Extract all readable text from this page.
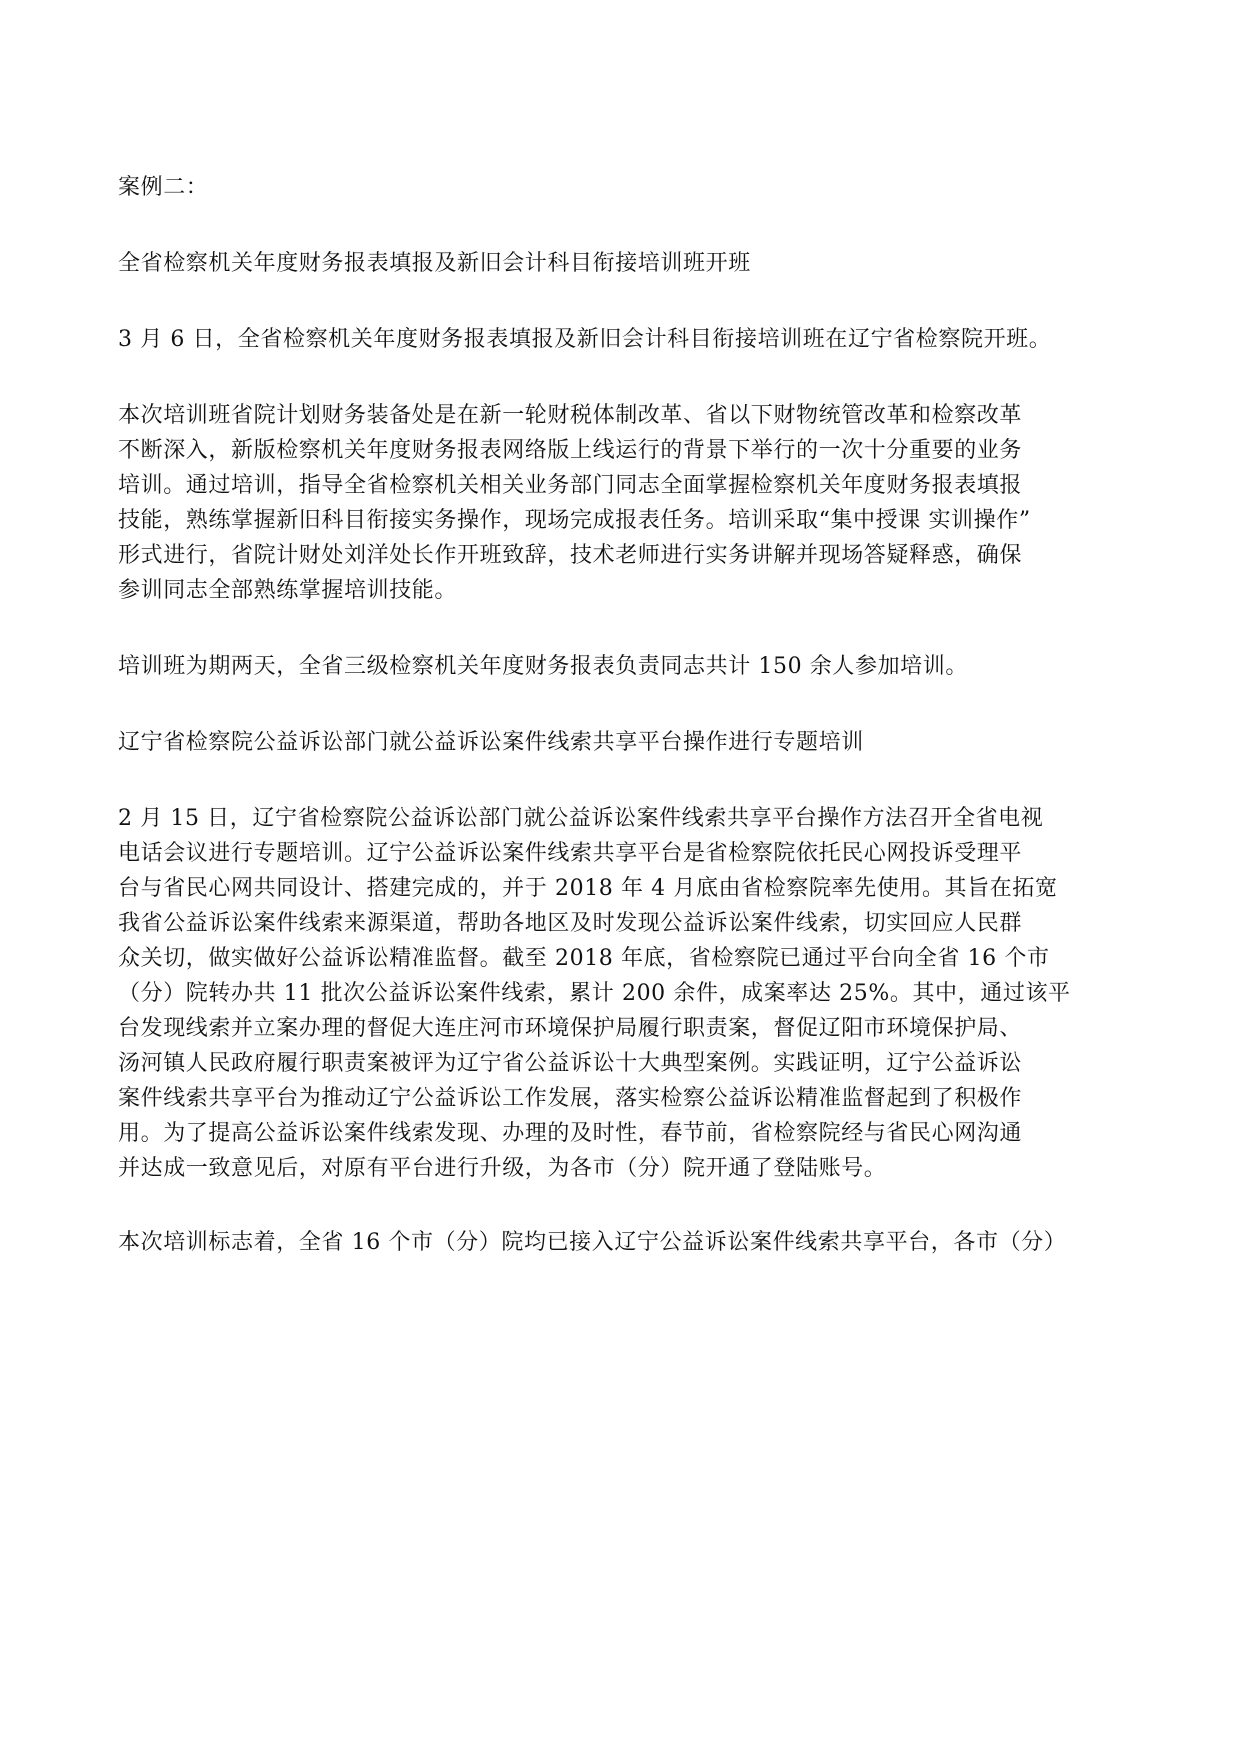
案例二：
全省检察机关年度财务报表填报及新旧会计科目衔接培训班开班
3 月 6 日，全省检察机关年度财务报表填报及新旧会计科目衔接培训班在辽宁省检察院开班。
本次培训班省院计划财务装备处是在新一轮财税体制改革、省以下财物统管改革和检察改革
不断深入，新版检察机关年度财务报表网络版上线运行的背景下举行的一次十分重要的业务
培训。通过培训，指导全省检察机关相关业务部门同志全面掌握检察机关年度财务报表填报
技能，熟练掌握新旧科目衔接实务操作，现场完成报表任务。培训采取“集中授课 实训操作”
形式进行，省院计财处刘洋处长作开班致辞，技术老师进行实务讲解并现场答疑释惑，确保
参训同志全部熟练掌握培训技能。
培训班为期两天，全省三级检察机关年度财务报表负责同志共计 150 余人参加培训。
辽宁省检察院公益诉讼部门就公益诉讼案件线索共享平台操作进行专题培训
2 月 15 日，辽宁省检察院公益诉讼部门就公益诉讼案件线索共享平台操作方法召开全省电视
电话会议进行专题培训。辽宁公益诉讼案件线索共享平台是省检察院依托民心网投诉受理平
台与省民心网共同设计、搭建完成的，并于 2018 年 4 月底由省检察院率先使用。其旨在拓宽
我省公益诉讼案件线索来源渠道，帮助各地区及时发现公益诉讼案件线索，切实回应人民群
众关切，做实做好公益诉讼精准监督。截至 2018 年底，省检察院已通过平台向全省 16 个市
（分）院转办共 11 批次公益诉讼案件线索，累计 200 余件，成案率达 25%。其中，通过该平
台发现线索并立案办理的督促大连庄河市环境保护局履行职责案，督促辽阳市环境保护局、
汤河镇人民政府履行职责案被评为辽宁省公益诉讼十大典型案例。实践证明，辽宁公益诉讼
案件线索共享平台为推动辽宁公益诉讼工作发展，落实检察公益诉讼精准监督起到了积极作
用。为了提高公益诉讼案件线索发现、办理的及时性，春节前，省检察院经与省民心网沟通
并达成一致意见后，对原有平台进行升级，为各市（分）院开通了登陆账号。
本次培训标志着，全省 16 个市（分）院均已接入辽宁公益诉讼案件线索共享平台，各市（分）
